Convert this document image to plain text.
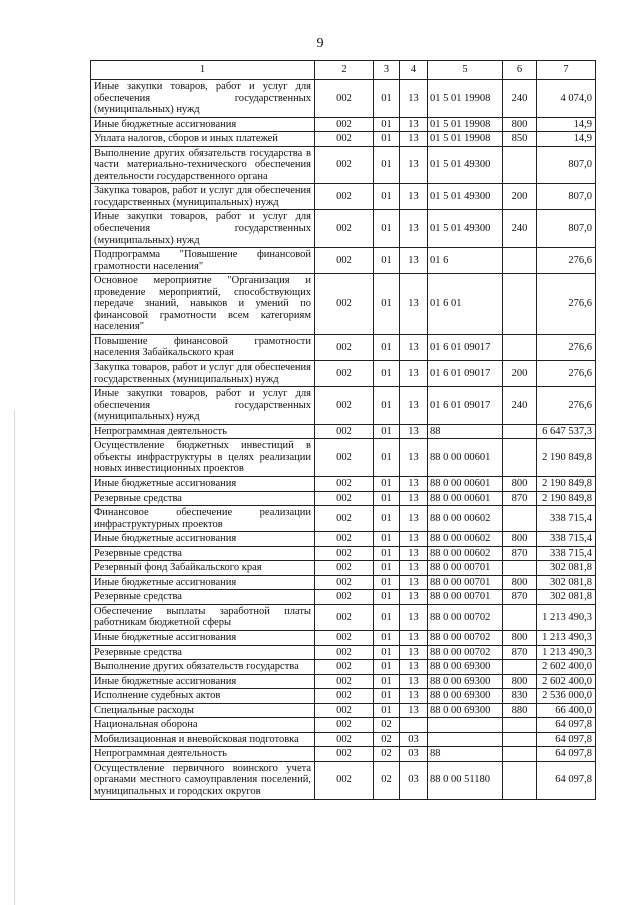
9
1	2	3	4	5	6	7
Иные закупки товаров, работ и услуг для обеспечения государственных (муниципальных) нужд	002	01	13	01 5 01 19908	240	4 074,0
Иные бюджетные ассигнования	002	01	13	01 5 01 19908	800	14,9
Уплата налогов, сборов и иных платежей	002	01	13	01 5 01 19908	850	14,9
Выполнение других обязательств государства в части материально-технического обеспечения деятельности государственного органа	002	01	13	01 5 01 49300		807,0
Закупка товаров, работ и услуг для обеспечения государственных (муниципальных) нужд	002	01	13	01 5 01 49300	200	807,0
Иные закупки товаров, работ и услуг для обеспечения государственных (муниципальных) нужд	002	01	13	01 5 01 49300	240	807,0
Подпрограмма "Повышение финансовой грамотности населения"	002	01	13	01 6		276,6
Основное мероприятие "Организация и проведение мероприятий, способствующих передаче знаний, навыков и умений по финансовой грамотности всем категориям населения"	002	01	13	01 6 01		276,6
Повышение финансовой грамотности населения Забайкальского края	002	01	13	01 6 01 09017		276,6
Закупка товаров, работ и услуг для обеспечения государственных (муниципальных) нужд	002	01	13	01 6 01 09017	200	276,6
Иные закупки товаров, работ и услуг для обеспечения государственных (муниципальных) нужд	002	01	13	01 6 01 09017	240	276,6
Непрограммная деятельность	002	01	13	88		6 647 537,3
Осуществление бюджетных инвестиций в объекты инфраструктуры в целях реализации новых инвестиционных проектов	002	01	13	88 0 00 00601		2 190 849,8
Иные бюджетные ассигнования	002	01	13	88 0 00 00601	800	2 190 849,8
Резервные средства	002	01	13	88 0 00 00601	870	2 190 849,8
Финансовое обеспечение реализации инфраструктурных проектов	002	01	13	88 0 00 00602		338 715,4
Иные бюджетные ассигнования	002	01	13	88 0 00 00602	800	338 715,4
Резервные средства	002	01	13	88 0 00 00602	870	338 715,4
Резервный фонд Забайкальского края	002	01	13	88 0 00 00701		302 081,8
Иные бюджетные ассигнования	002	01	13	88 0 00 00701	800	302 081,8
Резервные средства	002	01	13	88 0 00 00701	870	302 081,8
Обеспечение выплаты заработной платы работникам бюджетной сферы	002	01	13	88 0 00 00702		1 213 490,3
Иные бюджетные ассигнования	002	01	13	88 0 00 00702	800	1 213 490,3
Резервные средства	002	01	13	88 0 00 00702	870	1 213 490,3
Выполнение других обязательств государства	002	01	13	88 0 00 69300		2 602 400,0
Иные бюджетные ассигнования	002	01	13	88 0 00 69300	800	2 602 400,0
Исполнение судебных актов	002	01	13	88 0 00 69300	830	2 536 000,0
Специальные расходы	002	01	13	88 0 00 69300	880	66 400,0
Национальная оборона	002	02				64 097,8
Мобилизационная и вневойсковая подготовка	002	02	03			64 097,8
Непрограммная деятельность	002	02	03	88		64 097,8
Осуществление первичного воинского учета органами местного самоуправления поселений, муниципальных и городских округов	002	02	03	88 0 00 51180		64 097,8
